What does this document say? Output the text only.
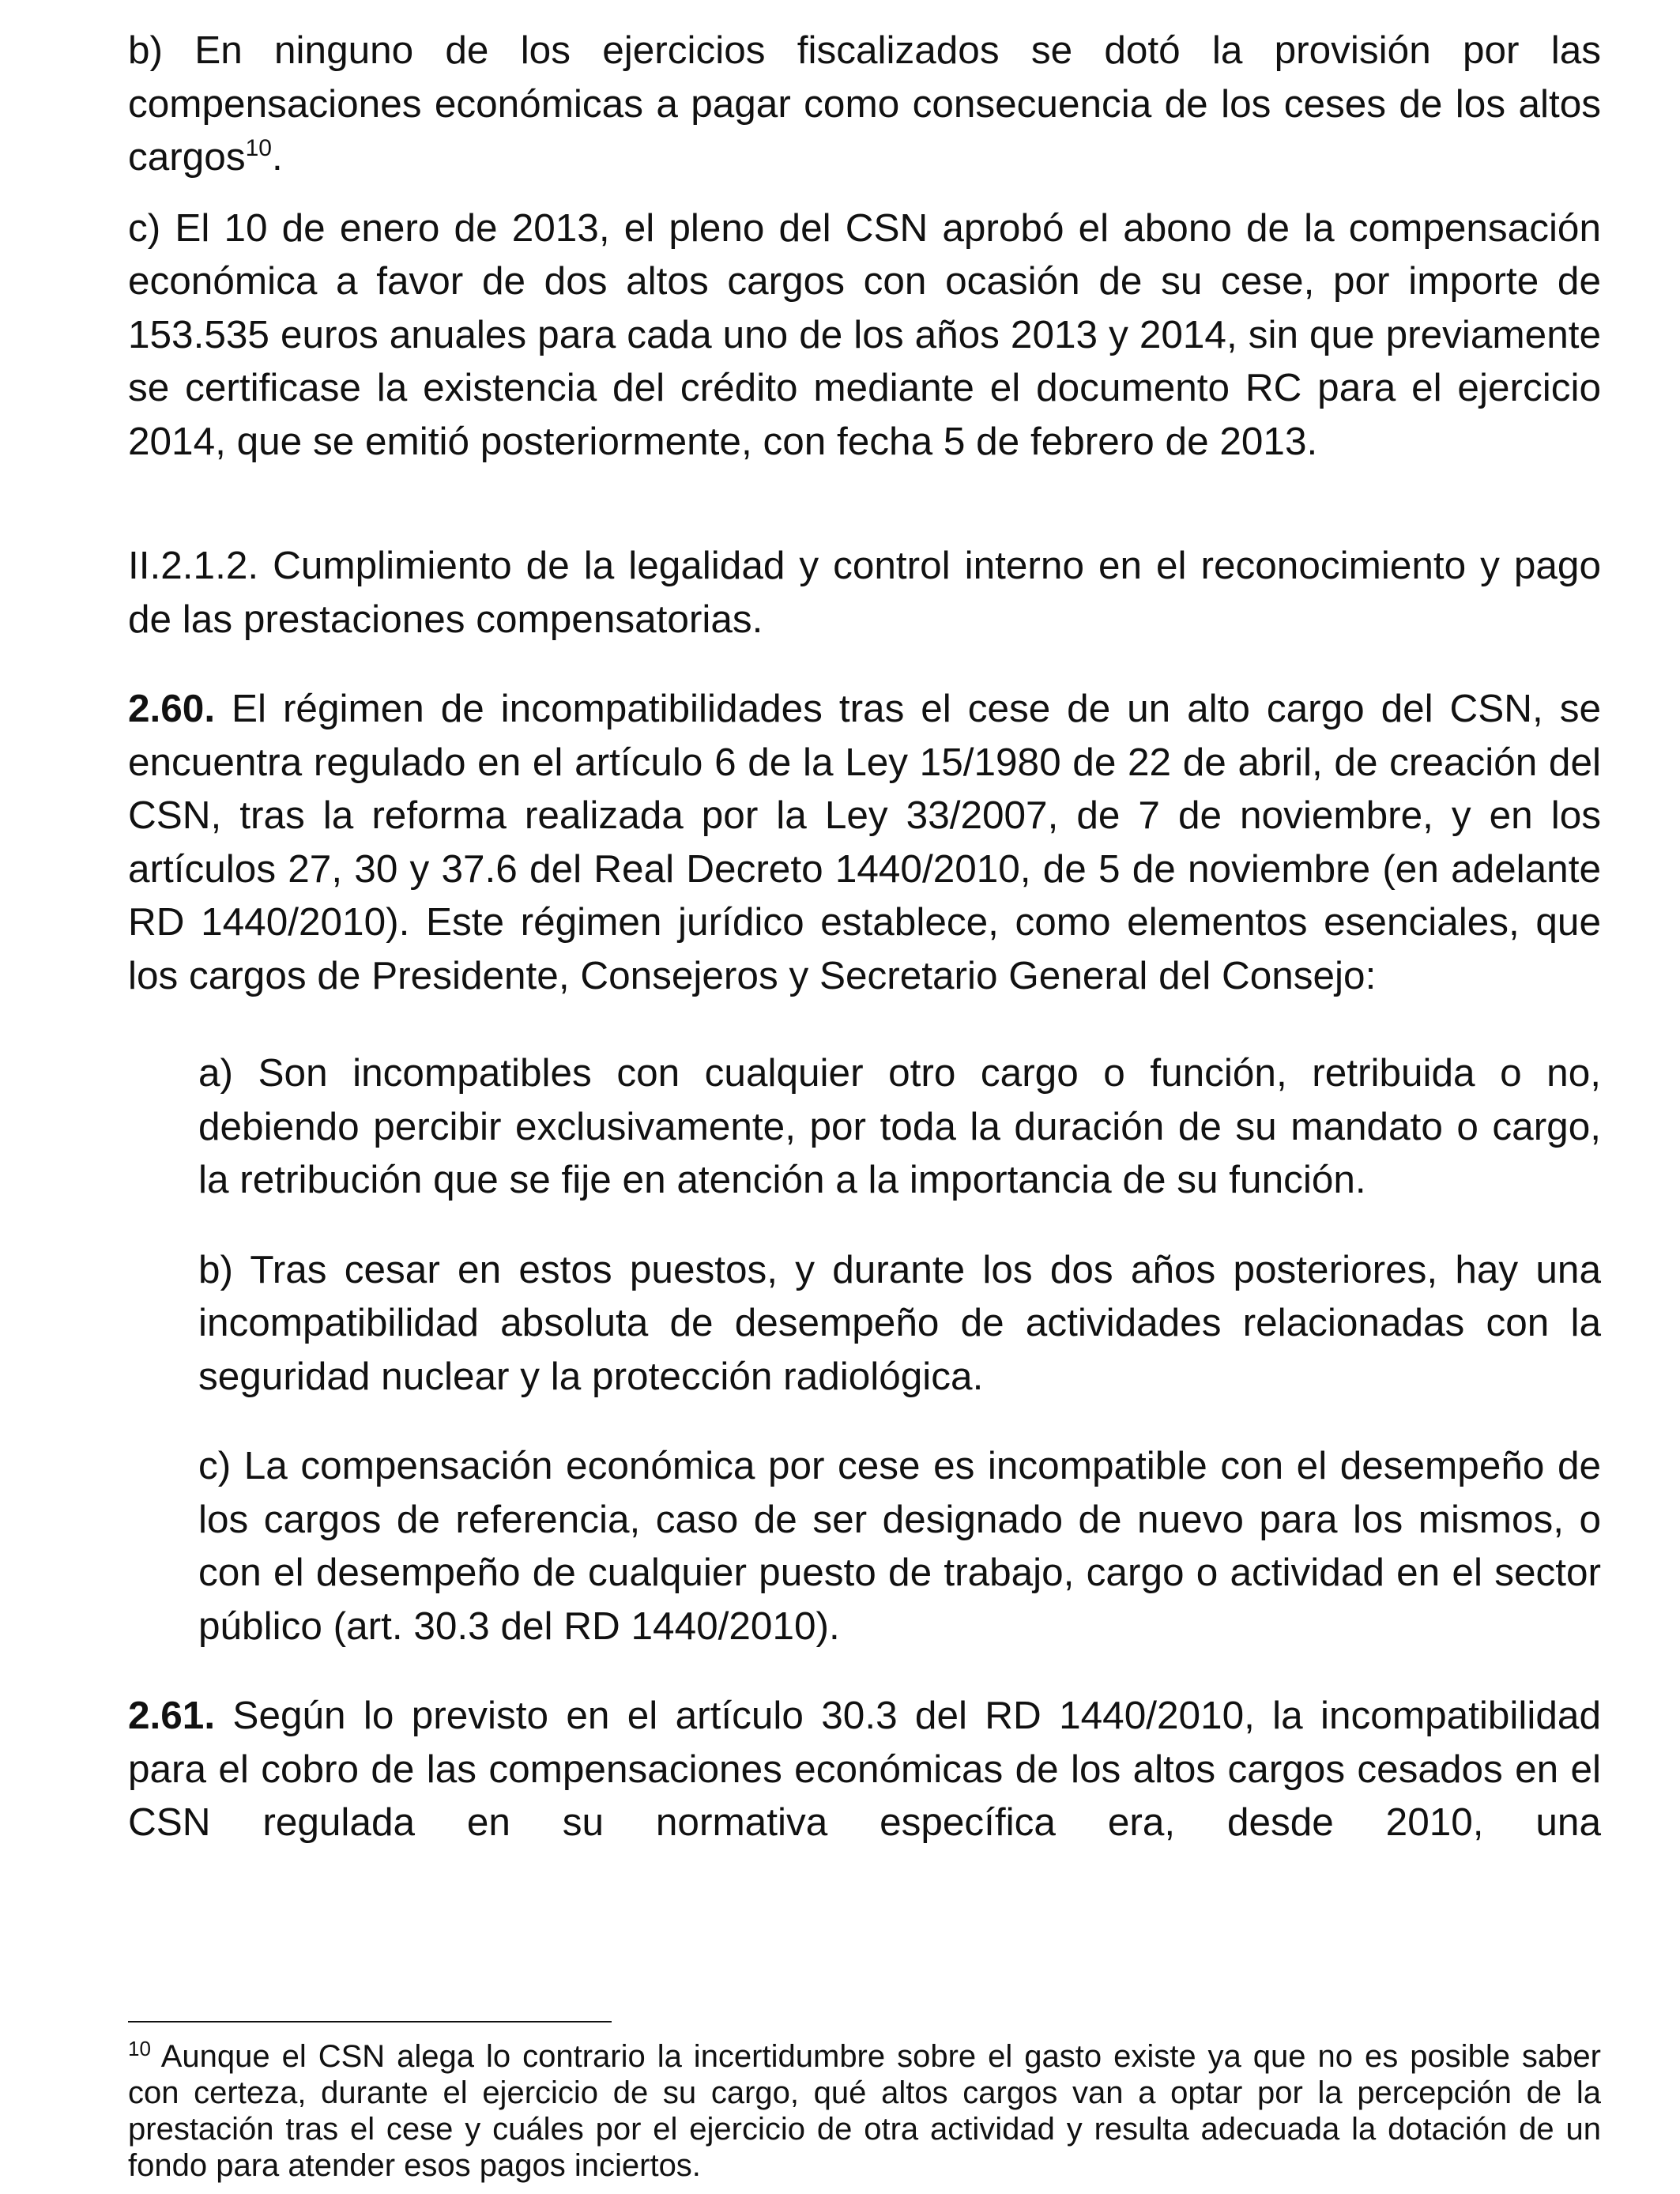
b) En ninguno de los ejercicios fiscalizados se dotó la provisión por las compensaciones económicas a pagar como consecuencia de los ceses de los altos cargos$^{10}$.

c) El 10 de enero de 2013, el pleno del CSN aprobó el abono de la compensación económica a favor de dos altos cargos con ocasión de su cese, por importe de 153.535 euros anuales para cada uno de los años 2013 y 2014, sin que previamente se certificase la existencia del crédito mediante el documento RC para el ejercicio 2014, que se emitió posteriormente, con fecha 5 de febrero de 2013.

II.2.1.2. Cumplimiento de la legalidad y control interno en el reconocimiento y pago de las prestaciones compensatorias.

2.60. El régimen de incompatibilidades tras el cese de un alto cargo del CSN, se encuentra regulado en el artículo 6 de la Ley 15/1980 de 22 de abril, de creación del CSN, tras la reforma realizada por la Ley 33/2007, de 7 de noviembre, y en los artículos 27, 30 y 37.6 del Real Decreto 1440/2010, de 5 de noviembre (en adelante RD 1440/2010). Este régimen jurídico establece, como elementos esenciales, que los cargos de Presidente, Consejeros y Secretario General del Consejo:

a) Son incompatibles con cualquier otro cargo o función, retribuida o no, debiendo percibir exclusivamente, por toda la duración de su mandato o cargo, la retribución que se fije en atención a la importancia de su función.

b) Tras cesar en estos puestos, y durante los dos años posteriores, hay una incompatibilidad absoluta de desempeño de actividades relacionadas con la seguridad nuclear y la protección radiológica.

c) La compensación económica por cese es incompatible con el desempeño de los cargos de referencia, caso de ser designado de nuevo para los mismos, o con el desempeño de cualquier puesto de trabajo, cargo o actividad en el sector público (art. 30.3 del RD 1440/2010).

2.61. Según lo previsto en el artículo 30.3 del RD 1440/2010, la incompatibilidad para el cobro de las compensaciones económicas de los altos cargos cesados en el CSN regulada en su normativa específica era, desde 2010, una

$^{10}$ Aunque el CSN alega lo contrario la incertidumbre sobre el gasto existe ya que no es posible saber con certeza, durante el ejercicio de su cargo, qué altos cargos van a optar por la percepción de la prestación tras el cese y cuáles por el ejercicio de otra actividad y resulta adecuada la dotación de un fondo para atender esos pagos inciertos.
